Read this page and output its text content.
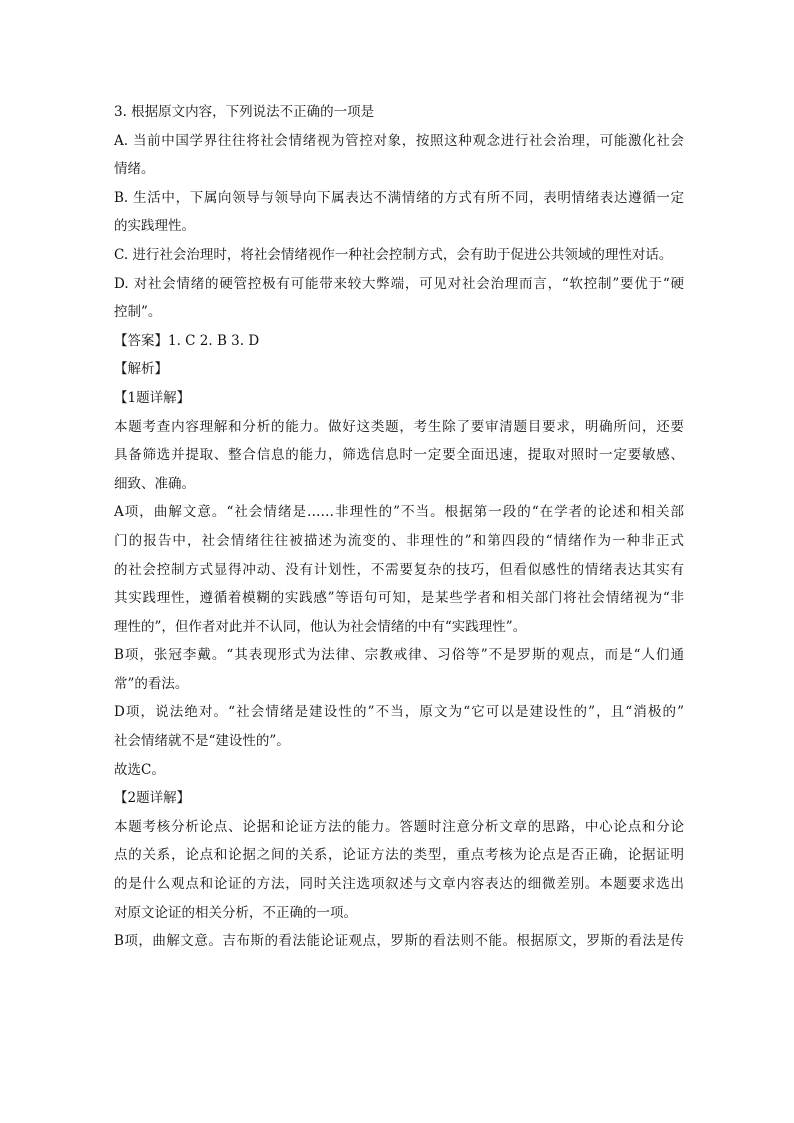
3. 根据原文内容，下列说法不正确的一项是

A. 当前中国学界往往将社会情绪视为管控对象，按照这种观念进行社会治理，可能激化社会

情绪。

B. 生活中，下属向领导与领导向下属表达不满情绪的方式有所不同，表明情绪表达遵循一定

的实践理性。

C. 进行社会治理时，将社会情绪视作一种社会控制方式，会有助于促进公共领域的理性对话。

D. 对社会情绪的硬管控极有可能带来较大弊端，可见对社会治理而言，“软控制”要优于“硬

控制”。

【答案】1. C 2. B 3. D

【解析】

【1题详解】

本题考查内容理解和分析的能力。做好这类题，考生除了要审清题目要求，明确所问，还要

具备筛选并提取、整合信息的能力，筛选信息时一定要全面迅速，提取对照时一定要敏感、

细致、准确。

A项，曲解文意。“社会情绪是……非理性的”不当。根据第一段的“在学者的论述和相关部

门的报告中，社会情绪往往被描述为流变的、非理性的”和第四段的“情绪作为一种非正式

的社会控制方式显得冲动、没有计划性，不需要复杂的技巧，但看似感性的情绪表达其实有

其实践理性，遵循着模糊的实践感”等语句可知，是某些学者和相关部门将社会情绪视为“非

理性的”，但作者对此并不认同，他认为社会情绪的中有“实践理性”。

B项，张冠李戴。“其表现形式为法律、宗教戒律、习俗等”不是罗斯的观点，而是“人们通

常”的看法。

D项，说法绝对。“社会情绪是建设性的”不当，原文为“它可以是建设性的”，且“消极的”

社会情绪就不是“建设性的”。

故选C。

【2题详解】

本题考核分析论点、论据和论证方法的能力。答题时注意分析文章的思路，中心论点和分论

点的关系，论点和论据之间的关系，论证方法的类型，重点考核为论点是否正确，论据证明

的是什么观点和论证的方法，同时关注选项叙述与文章内容表达的细微差别。本题要求选出

对原文论证的相关分析，不正确的一项。

B项，曲解文意。吉布斯的看法能论证观点，罗斯的看法则不能。根据原文，罗斯的看法是传
